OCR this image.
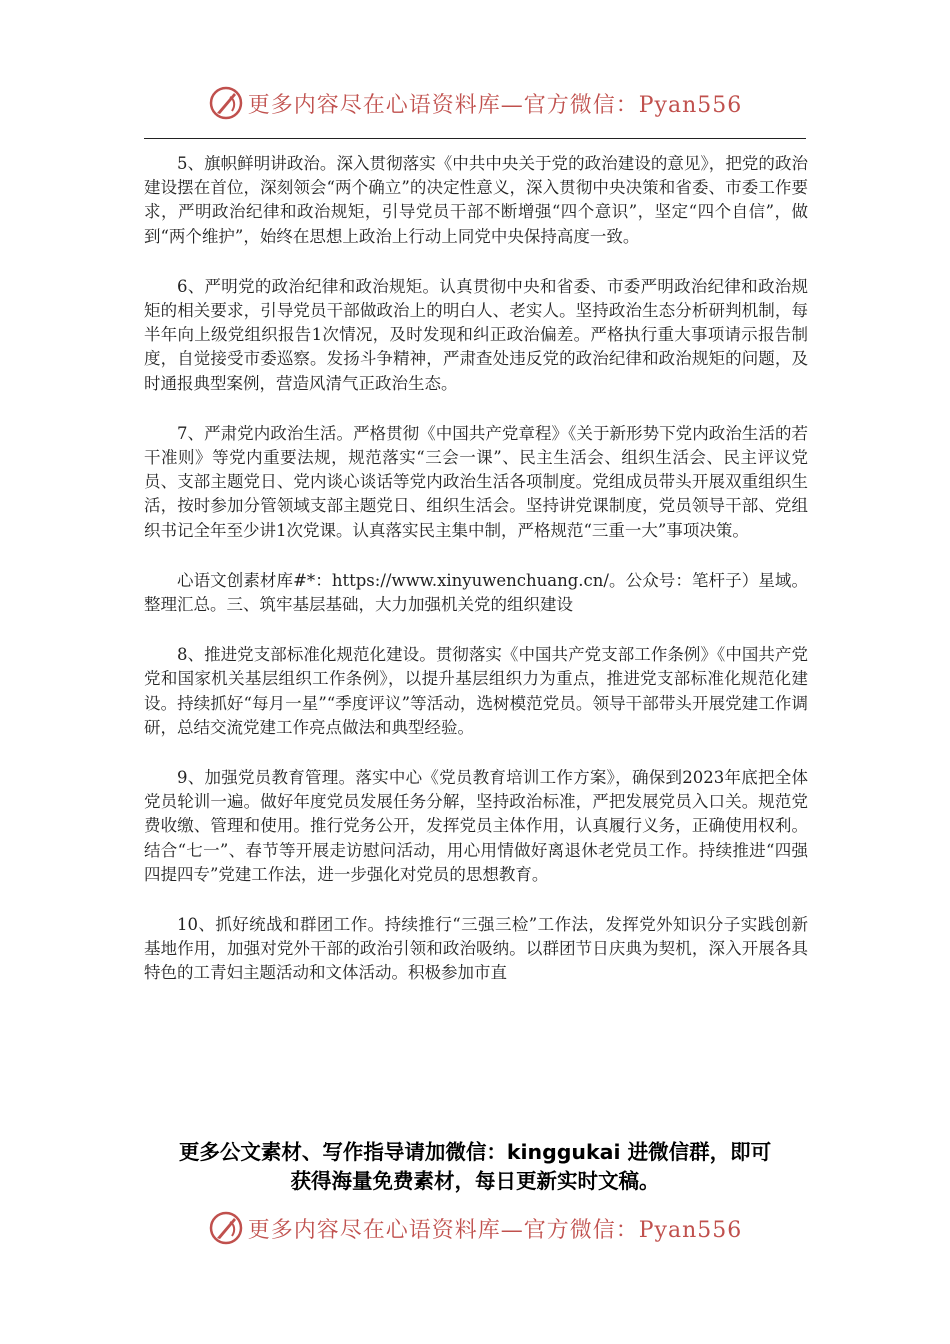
更多内容尽在心语资料库—官方微信：Pyan556

5、旗帜鲜明讲政治。深入贯彻落实《中共中央关于党的政治建设的意见》，把党的政治建设摆在首位，深刻领会“两个确立”的决定性意义，深入贯彻中央决策和省委、市委工作要求，严明政治纪律和政治规矩，引导党员干部不断增强“四个意识”，坚定“四个自信”，做到“两个维护”，始终在思想上政治上行动上同党中央保持高度一致。

6、严明党的政治纪律和政治规矩。认真贯彻中央和省委、市委严明政治纪律和政治规矩的相关要求，引导党员干部做政治上的明白人、老实人。坚持政治生态分析研判机制，每半年向上级党组织报告1次情况，及时发现和纠正政治偏差。严格执行重大事项请示报告制度，自觉接受市委巡察。发扬斗争精神，严肃查处违反党的政治纪律和政治规矩的问题，及时通报典型案例，营造风清气正政治生态。

7、严肃党内政治生活。严格贯彻《中国共产党章程》《关于新形势下党内政治生活的若干准则》等党内重要法规，规范落实“三会一课”、民主生活会、组织生活会、民主评议党员、支部主题党日、党内谈心谈话等党内政治生活各项制度。党组成员带头开展双重组织生活，按时参加分管领域支部主题党日、组织生活会。坚持讲党课制度，党员领导干部、党组织书记全年至少讲1次党课。认真落实民主集中制，严格规范“三重一大”事项决策。

心语文创素材库#*：https://www.xinyuwenchuang.cn/。公众号：笔杆子）星域。整理汇总。三、筑牢基层基础，大力加强机关党的组织建设

8、推进党支部标准化规范化建设。贯彻落实《中国共产党支部工作条例》《中国共产党党和国家机关基层组织工作条例》，以提升基层组织力为重点，推进党支部标准化规范化建设。持续抓好“每月一星”“季度评议”等活动，选树模范党员。领导干部带头开展党建工作调研，总结交流党建工作亮点做法和典型经验。

9、加强党员教育管理。落实中心《党员教育培训工作方案》，确保到2023年底把全体党员轮训一遍。做好年度党员发展任务分解，坚持政治标准，严把发展党员入口关。规范党费收缴、管理和使用。推行党务公开，发挥党员主体作用，认真履行义务，正确使用权利。结合“七一”、春节等开展走访慰问活动，用心用情做好离退休老党员工作。持续推进“四强四提四专”党建工作法，进一步强化对党员的思想教育。

10、抓好统战和群团工作。持续推行“三强三检”工作法，发挥党外知识分子实践创新基地作用，加强对党外干部的政治引领和政治吸纳。以群团节日庆典为契机，深入开展各具特色的工青妇主题活动和文体活动。积极参加市直

更多公文素材、写作指导请加微信：kinggukai 进微信群，即可
获得海量免费素材，每日更新实时文稿。
更多内容尽在心语资料库—官方微信：Pyan556
